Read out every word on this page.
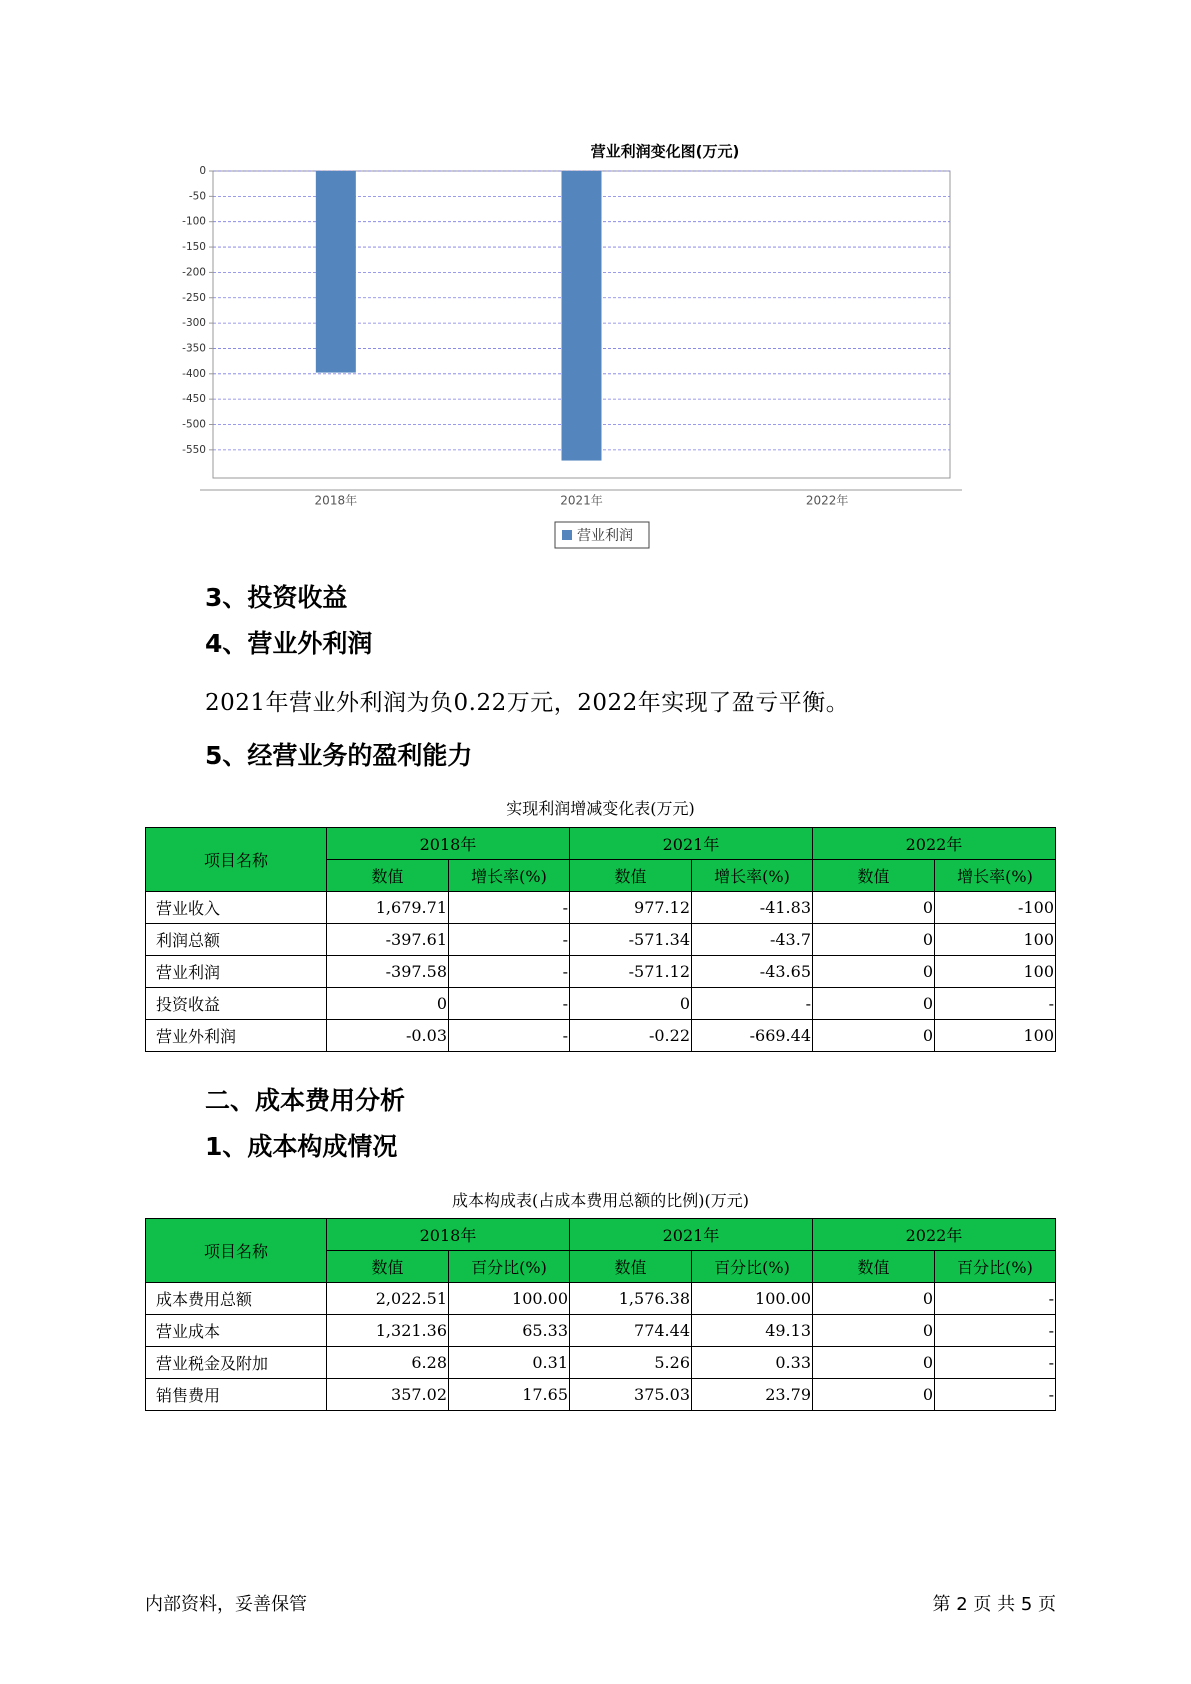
营业利润变化图(万元)
0
-50
-100
-150
-200
-250
-300
-350
-400
-450
-500
-550
2018年	2021年	2022年
营业利润
3、投资收益
4、营业外利润
2021年营业外利润为负0.22万元，2022年实现了盈亏平衡。
5、经营业务的盈利能力
实现利润增减变化表(万元)
项目名称	2018年		2021年		2022年	
	数值	增长率(%)	数值	增长率(%)	数值	增长率(%)
营业收入	1,679.71	-	977.12	-41.83	0	-100
利润总额	-397.61	-	-571.34	-43.7	0	100
营业利润	-397.58	-	-571.12	-43.65	0	100
投资收益	0	-	0	-	0	-
营业外利润	-0.03	-	-0.22	-669.44	0	100
二、成本费用分析
1、成本构成情况
成本构成表(占成本费用总额的比例)(万元)
项目名称	2018年		2021年		2022年	
	数值	百分比(%)	数值	百分比(%)	数值	百分比(%)
成本费用总额	2,022.51	100.00	1,576.38	100.00	0	-
营业成本	1,321.36	65.33	774.44	49.13	0	-
营业税金及附加	6.28	0.31	5.26	0.33	0	-
销售费用	357.02	17.65	375.03	23.79	0	-
内部资料，妥善保管	第 2 页 共 5 页
